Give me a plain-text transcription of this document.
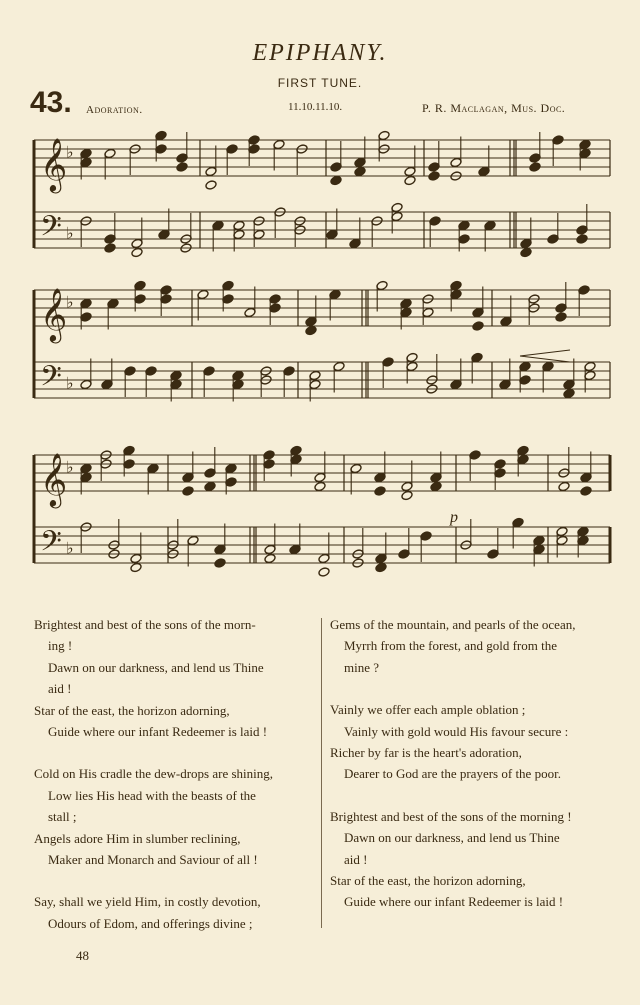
EPIPHANY.
FIRST TUNE.
43. Adoration.	11.10.11.10.	P. R. Maclagan, Mus. Doc.
𝄞
♭
𝄢 ♭
𝄞
♭
𝄢 ♭
𝄞
♭
𝄢 ♭
p
Brightest and best of the sons of the morn-
ing !
Dawn on our darkness, and lend us Thine
aid !
Star of the east, the horizon adorning,
Guide where our infant Redeemer is laid !
Cold on His cradle the dew-drops are shining,
Low lies His head with the beasts of the
stall ;
Angels adore Him in slumber reclining,
Maker and Monarch and Saviour of all !
Say, shall we yield Him, in costly devotion,
Odours of Edom, and offerings divine ;
Gems of the mountain, and pearls of the ocean,
Myrrh from the forest, and gold from the
mine ?
Vainly we offer each ample oblation ;
Vainly with gold would His favour secure :
Richer by far is the heart's adoration,
Dearer to God are the prayers of the poor.
Brightest and best of the sons of the morning !
Dawn on our darkness, and lend us Thine
aid !
Star of the east, the horizon adorning,
Guide where our infant Redeemer is laid !
48
